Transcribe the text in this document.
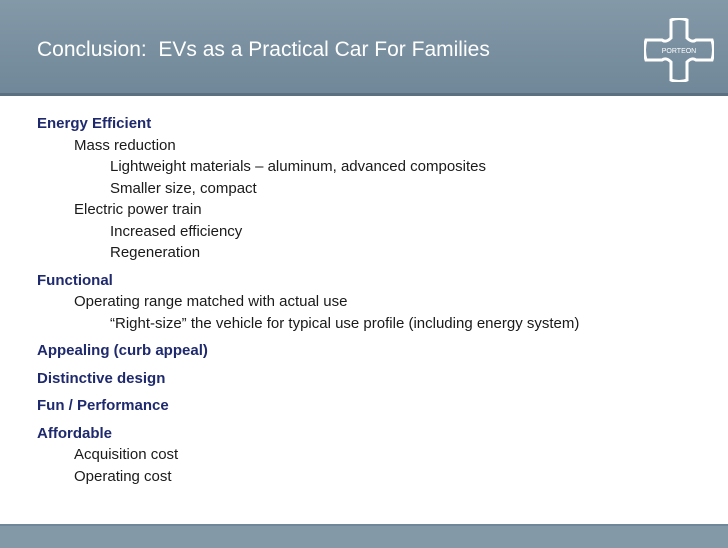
Conclusion:  EVs as a Practical Car For Families	PORTEON
Energy Efficient
Mass reduction
Lightweight materials – aluminum, advanced composites
Smaller size, compact
Electric power train
Increased efficiency
Regeneration
Functional
Operating range matched with actual use
“Right-size” the vehicle for typical use profile (including energy system)
Appealing (curb appeal)
Distinctive design
Fun / Performance
Affordable
Acquisition cost
Operating cost
